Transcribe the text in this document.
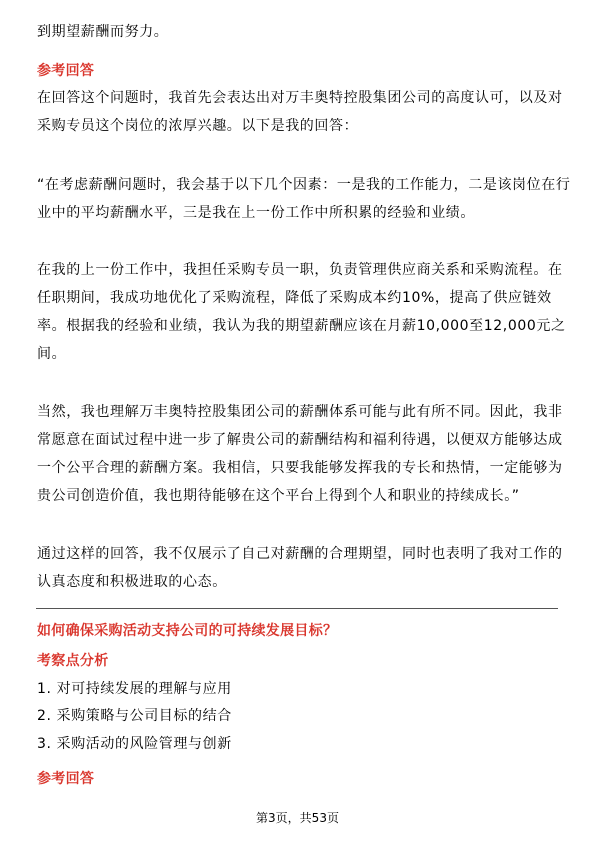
到期望薪酬而努力。
参考回答
在回答这个问题时，我首先会表达出对万丰奥特控股集团公司的高度认可，以及对
采购专员这个岗位的浓厚兴趣。以下是我的回答：
“在考虑薪酬问题时，我会基于以下几个因素：一是我的工作能力，二是该岗位在行
业中的平均薪酬水平，三是我在上一份工作中所积累的经验和业绩。
在我的上一份工作中，我担任采购专员一职，负责管理供应商关系和采购流程。在
任职期间，我成功地优化了采购流程，降低了采购成本约10%，提高了供应链效
率。根据我的经验和业绩，我认为我的期望薪酬应该在月薪10,000至12,000元之
间。
当然，我也理解万丰奥特控股集团公司的薪酬体系可能与此有所不同。因此，我非
常愿意在面试过程中进一步了解贵公司的薪酬结构和福利待遇，以便双方能够达成
一个公平合理的薪酬方案。我相信，只要我能够发挥我的专长和热情，一定能够为
贵公司创造价值，我也期待能够在这个平台上得到个人和职业的持续成长。”
通过这样的回答，我不仅展示了自己对薪酬的合理期望，同时也表明了我对工作的
认真态度和积极进取的心态。
如何确保采购活动支持公司的可持续发展目标？
考察点分析
1. 对可持续发展的理解与应用
2. 采购策略与公司目标的结合
3. 采购活动的风险管理与创新
参考回答
第3页，共53页
